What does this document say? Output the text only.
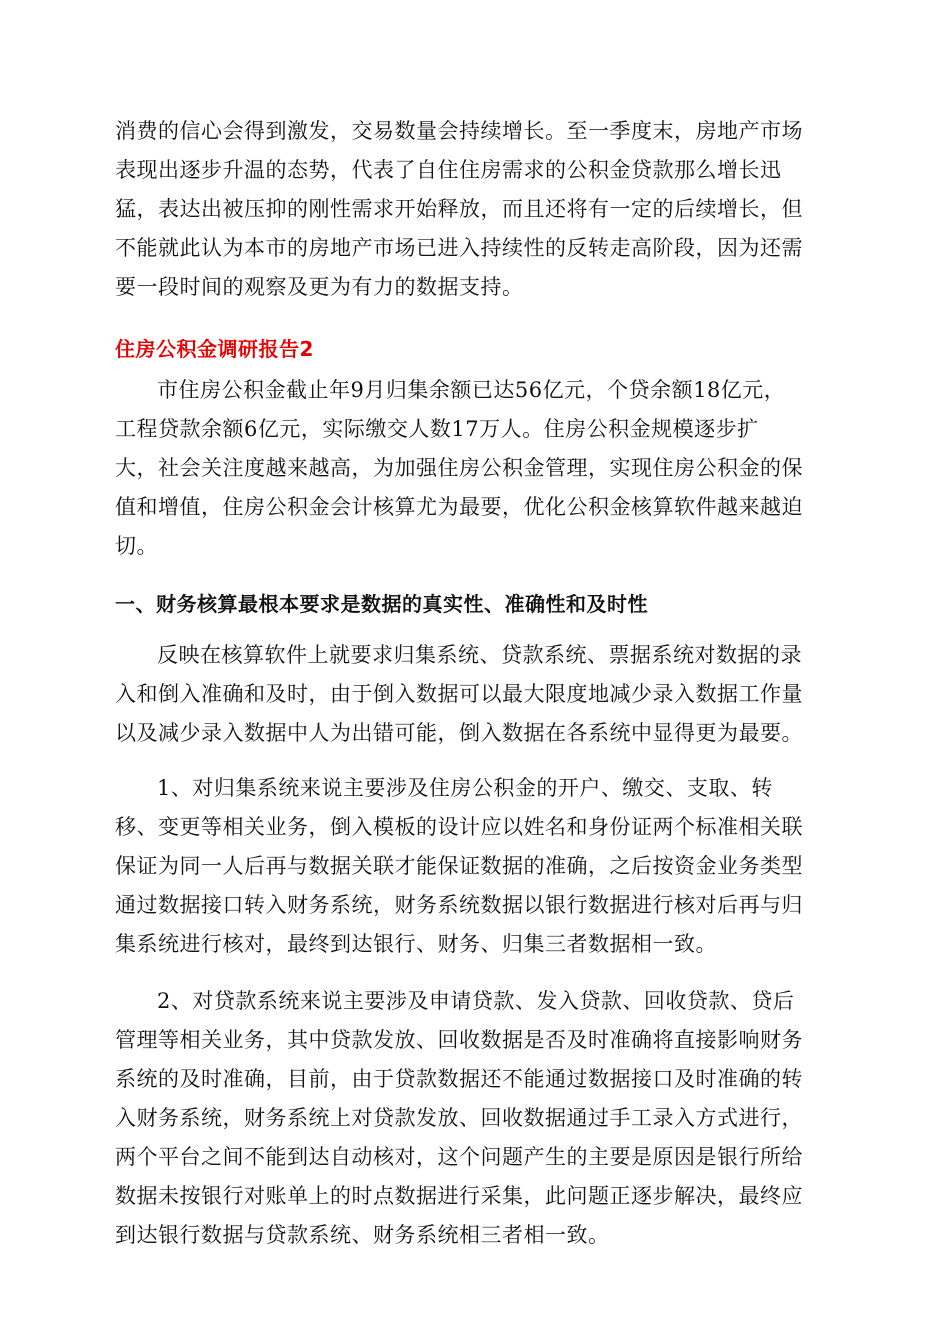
消费的信心会得到激发，交易数量会持续增长。至一季度末，房地产市场
表现出逐步升温的态势，代表了自住住房需求的公积金贷款那么增长迅
猛，表达出被压抑的刚性需求开始释放，而且还将有一定的后续增长，但
不能就此认为本市的房地产市场已进入持续性的反转走高阶段，因为还需
要一段时间的观察及更为有力的数据支持。
住房公积金调研报告2
市住房公积金截止年9月归集余额已达56亿元，个贷余额18亿元，
工程贷款余额6亿元，实际缴交人数17万人。住房公积金规模逐步扩
大，社会关注度越来越高，为加强住房公积金管理，实现住房公积金的保
值和增值，住房公积金会计核算尤为最要，优化公积金核算软件越来越迫
切。
一、财务核算最根本要求是数据的真实性、准确性和及时性
反映在核算软件上就要求归集系统、贷款系统、票据系统对数据的录
入和倒入准确和及时，由于倒入数据可以最大限度地减少录入数据工作量
以及减少录入数据中人为出错可能，倒入数据在各系统中显得更为最要。
1、对归集系统来说主要涉及住房公积金的开户、缴交、支取、转
移、变更等相关业务，倒入模板的设计应以姓名和身份证两个标准相关联
保证为同一人后再与数据关联才能保证数据的准确，之后按资金业务类型
通过数据接口转入财务系统，财务系统数据以银行数据进行核对后再与归
集系统进行核对，最终到达银行、财务、归集三者数据相一致。
2、对贷款系统来说主要涉及申请贷款、发入贷款、回收贷款、贷后
管理等相关业务，其中贷款发放、回收数据是否及时准确将直接影响财务
系统的及时准确，目前，由于贷款数据还不能通过数据接口及时准确的转
入财务系统，财务系统上对贷款发放、回收数据通过手工录入方式进行，
两个平台之间不能到达自动核对，这个问题产生的主要是原因是银行所给
数据未按银行对账单上的时点数据进行采集，此问题正逐步解决，最终应
到达银行数据与贷款系统、财务系统相三者相一致。
